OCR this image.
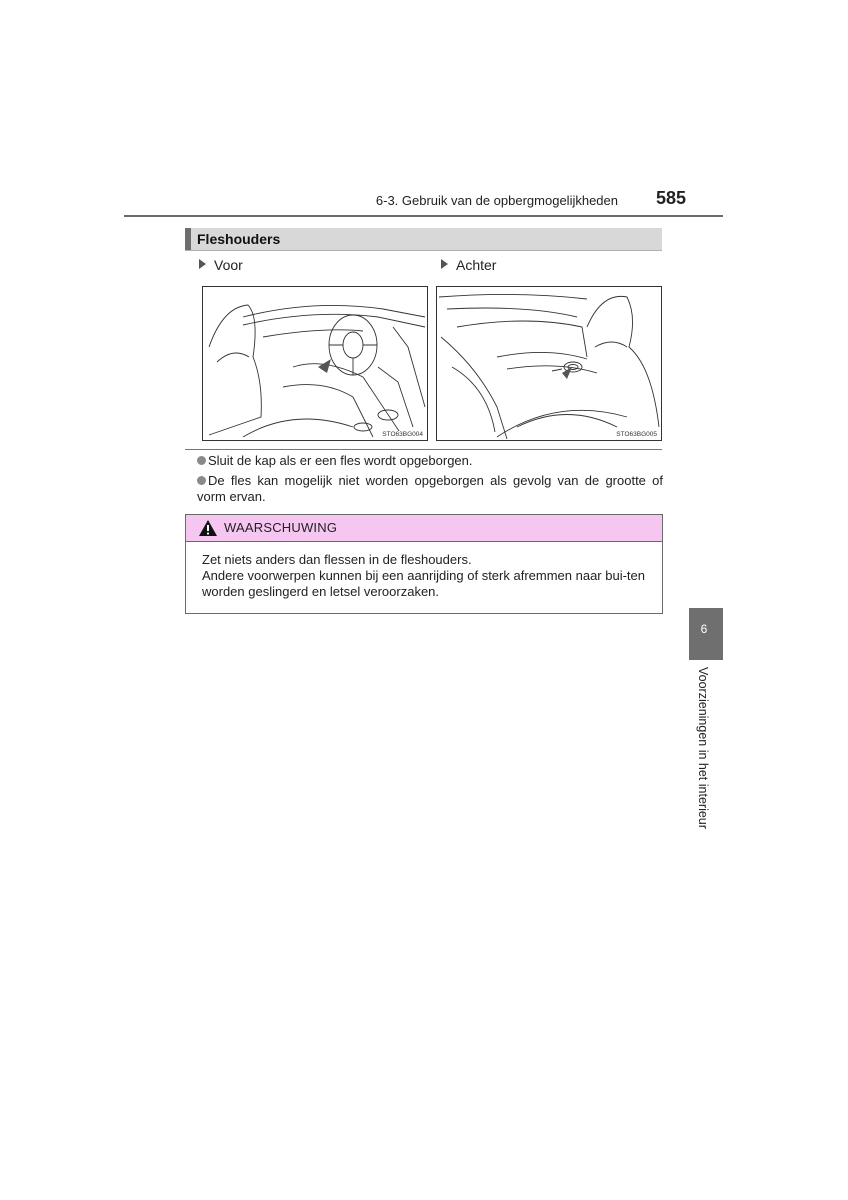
6-3. Gebruik van de opbergmogelijkheden	585
Fleshouders
Voor	Achter
STO63BG004	STO63BG005
Sluit de kap als er een fles wordt opgeborgen.
De fles kan mogelijk niet worden opgeborgen als gevolg van de grootte of vorm ervan.
WAARSCHUWING

Zet niets anders dan flessen in de fleshouders.

Andere voorwerpen kunnen bij een aanrijding of sterk afremmen naar bui-ten worden geslingerd en letsel veroorzaken.

6
Voorzieningen in het interieur
